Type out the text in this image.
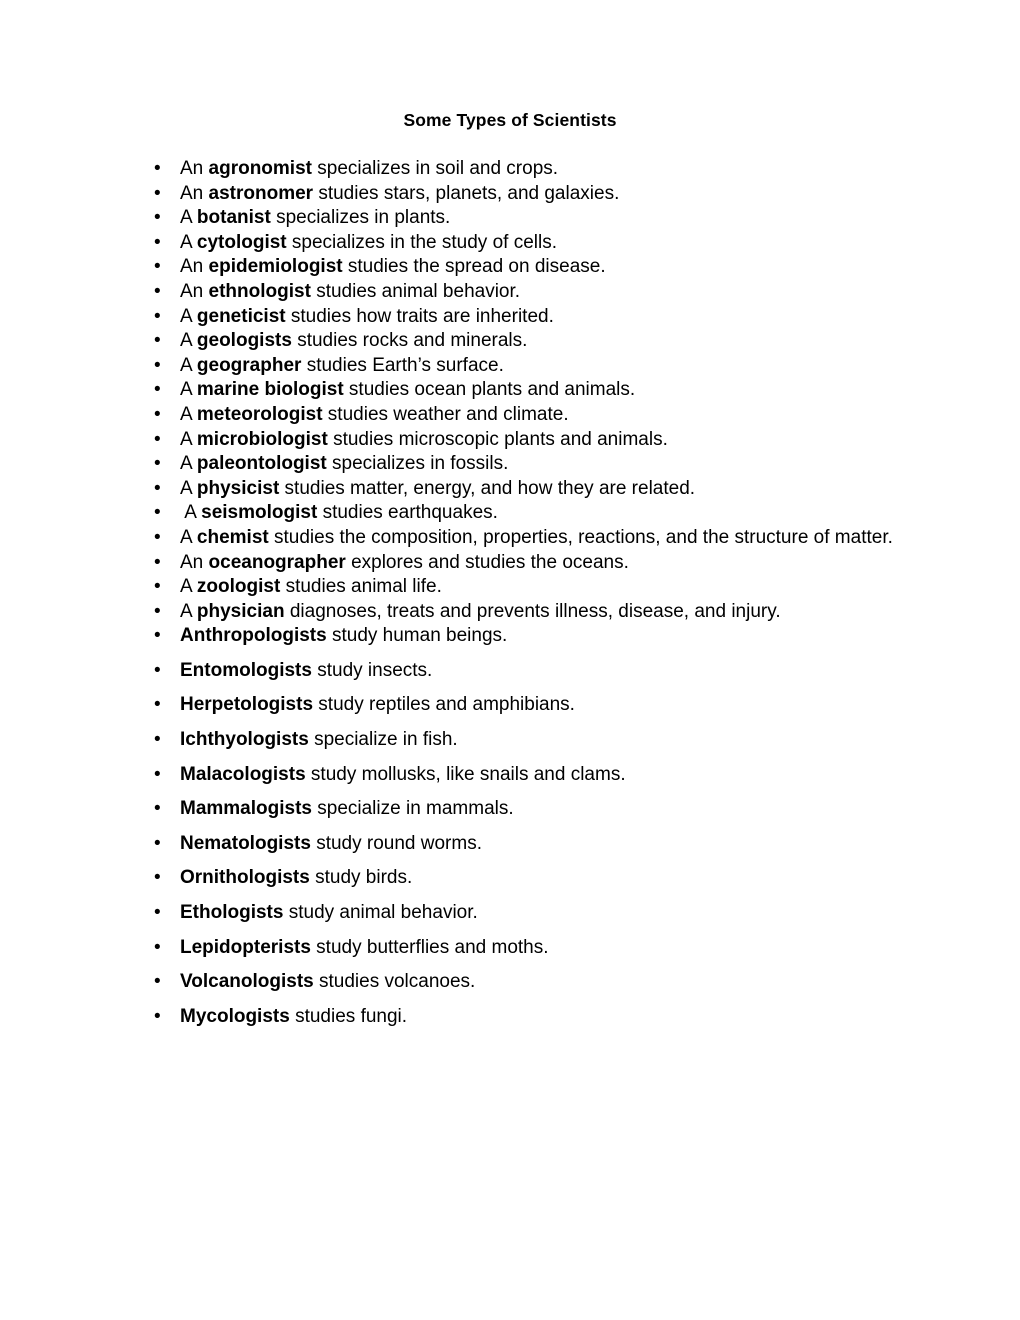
Some Types of Scientists
• An agronomist specializes in soil and crops.
• An astronomer studies stars, planets, and galaxies.
• A botanist specializes in plants.
• A cytologist specializes in the study of cells.
• An epidemiologist studies the spread on disease.
• An ethnologist studies animal behavior.
• A geneticist studies how traits are inherited.
• A geologists studies rocks and minerals.
• A geographer studies Earth’s surface.
• A marine biologist studies ocean plants and animals.
• A meteorologist studies weather and climate.
• A microbiologist studies microscopic plants and animals.
• A paleontologist specializes in fossils.
• A physicist studies matter, energy, and how they are related.
• A seismologist studies earthquakes.
• A chemist studies the composition, properties, reactions, and the structure of matter.
• An oceanographer explores and studies the oceans.
• A zoologist studies animal life.
• A physician diagnoses, treats and prevents illness, disease, and injury.
• Anthropologists study human beings.
• Entomologists study insects.
• Herpetologists study reptiles and amphibians.
• Ichthyologists specialize in fish.
• Malacologists study mollusks, like snails and clams.
• Mammalogists specialize in mammals.
• Nematologists study round worms.
• Ornithologists study birds.
• Ethologists study animal behavior.
• Lepidopterists study butterflies and moths.
• Volcanologists studies volcanoes.
• Mycologists studies fungi.
